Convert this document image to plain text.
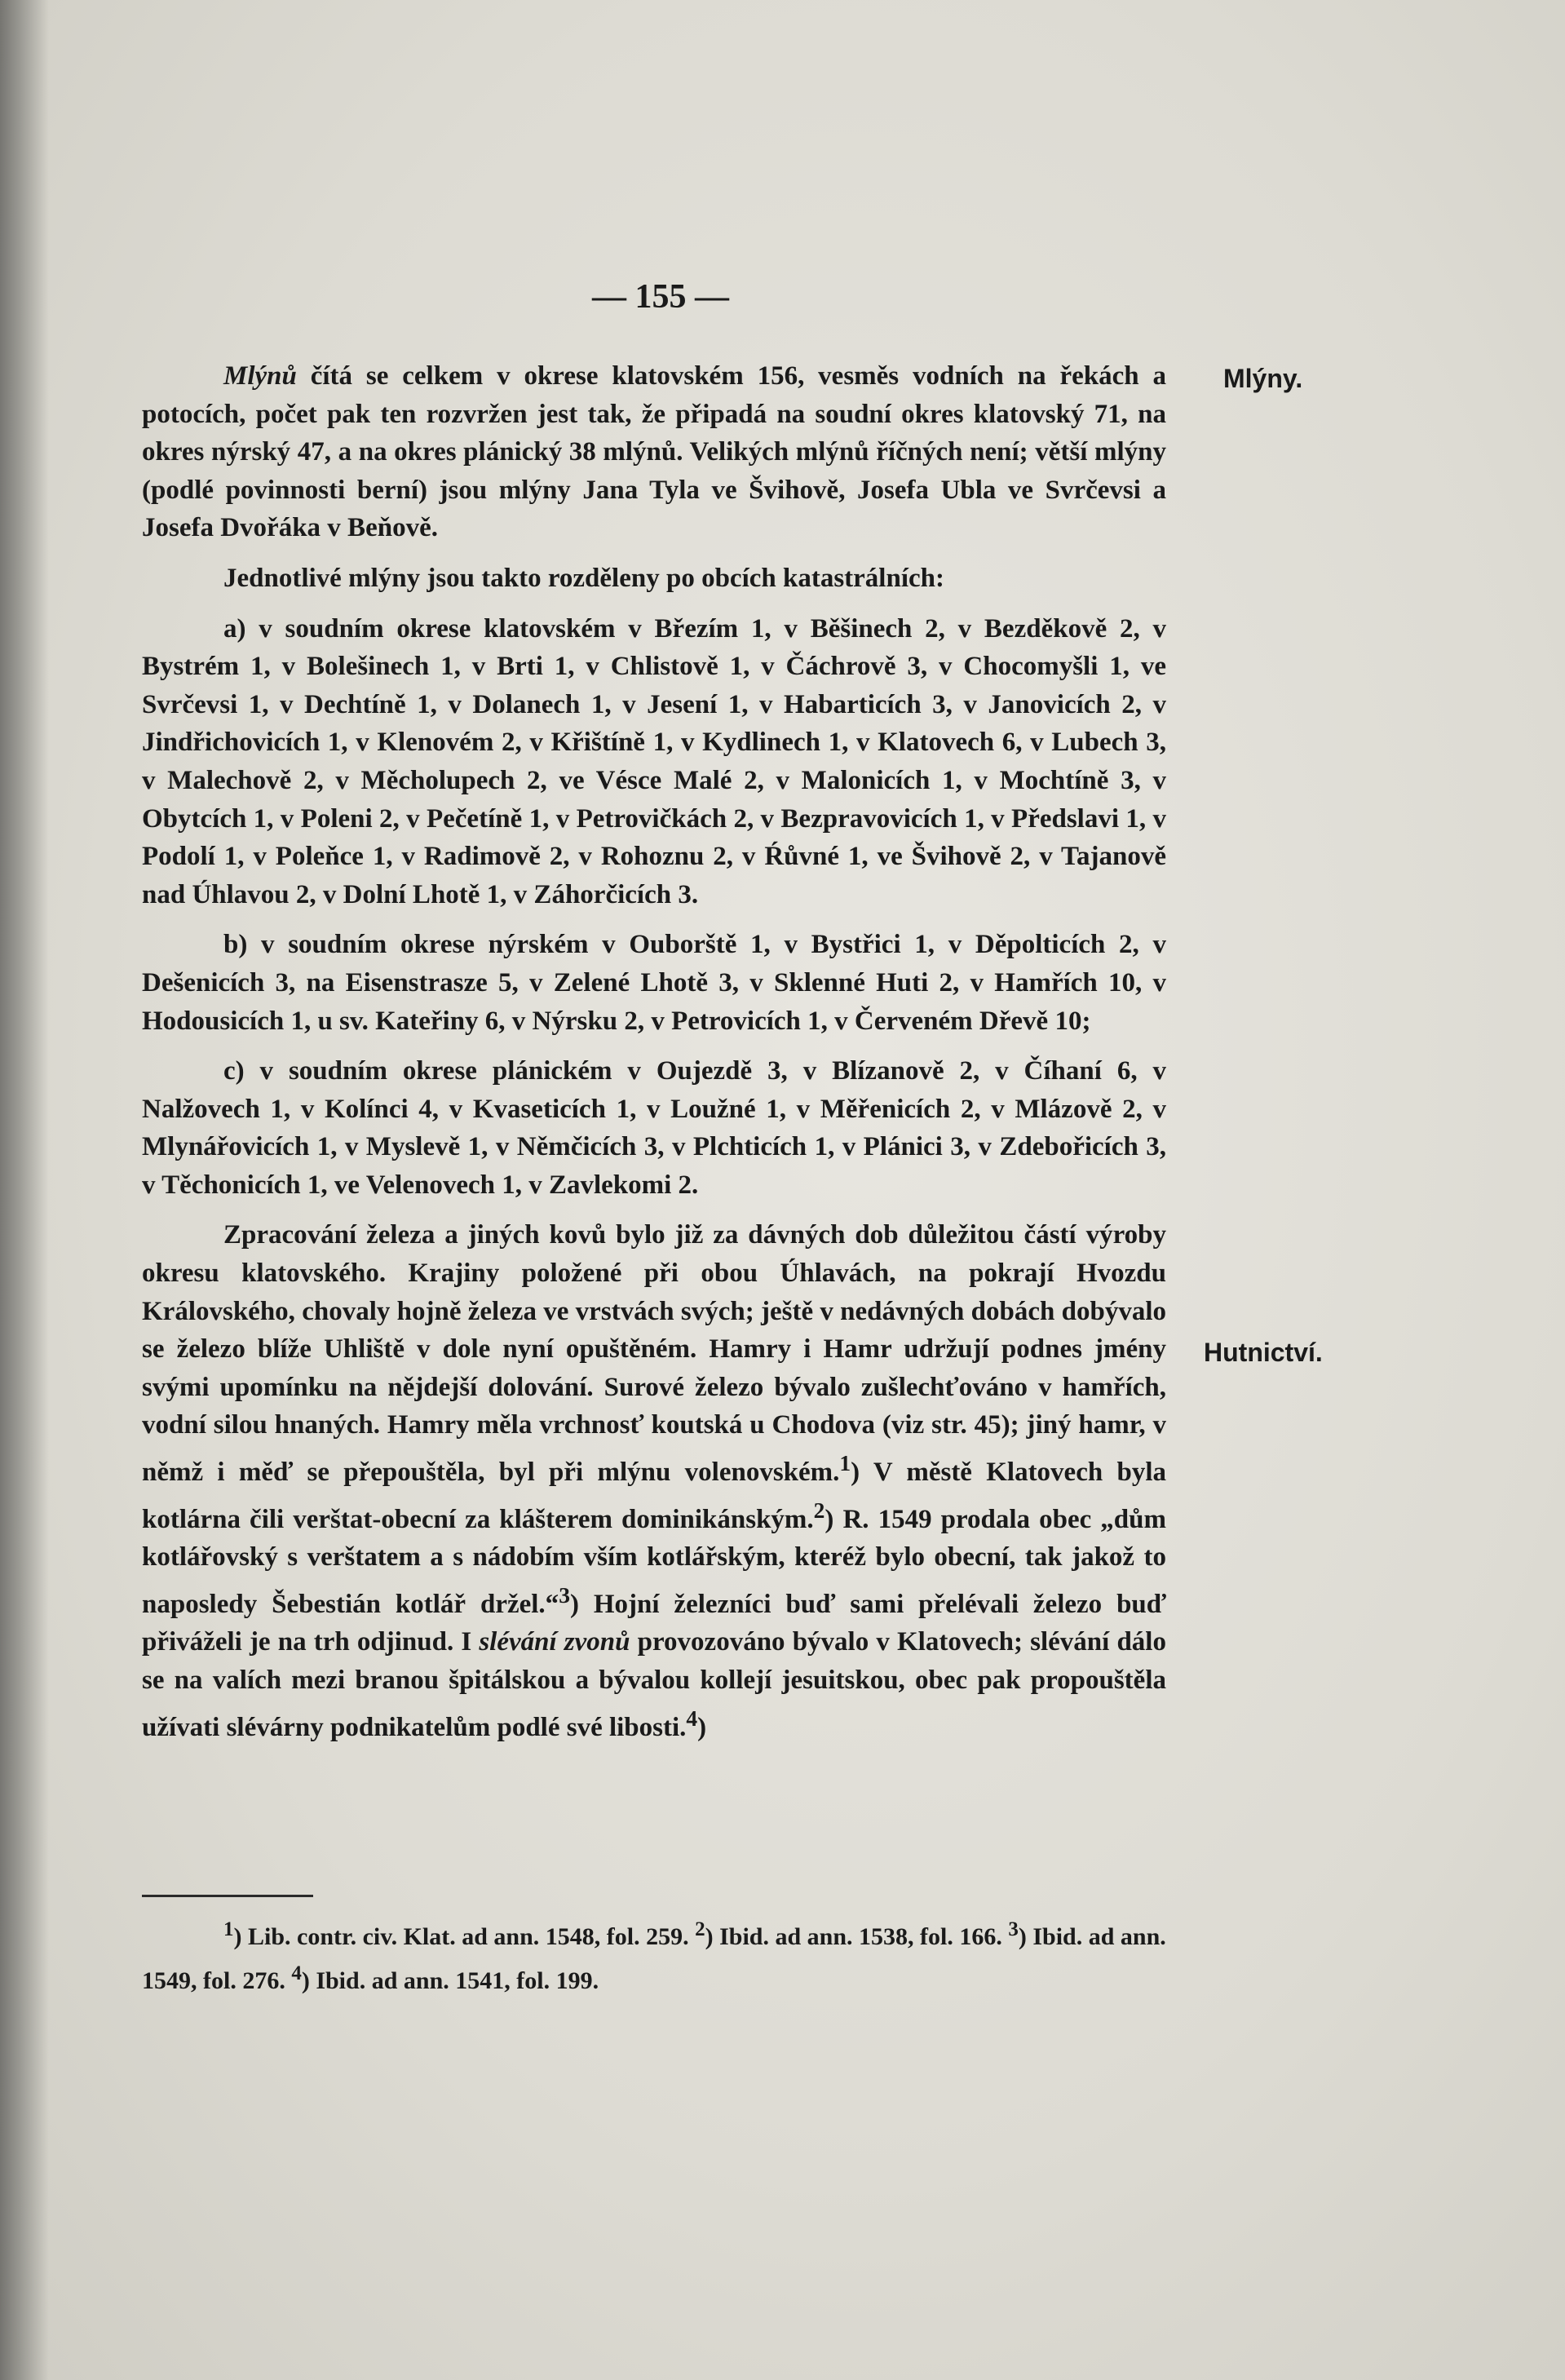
— 155 —
Mlýny.
Hutnictví.

Mlýnů čítá se celkem v okrese klatovském 156, vesměs vodních na řekách a potocích, počet pak ten rozvržen jest tak, že připadá na soudní okres klatovský 71, na okres nýrský 47, a na okres plánický 38 mlýnů. Velikých mlýnů říčných není; větší mlýny (podlé povinnosti berní) jsou mlýny Jana Tyla ve Švihově, Josefa Ubla ve Svrčevsi a Josefa Dvořáka v Beňově.

Jednotlivé mlýny jsou takto rozděleny po obcích katastrálních:

a) v soudním okrese klatovském v Březím 1, v Běšinech 2, v Bezděkově 2, v Bystrém 1, v Bolešinech 1, v Brti 1, v Chlistově 1, v Čáchrově 3, v Chocomyšli 1, ve Svrčevsi 1, v Dechtíně 1, v Dolanech 1, v Jesení 1, v Habarticích 3, v Janovicích 2, v Jindřichovicích 1, v Klenovém 2, v Křištíně 1, v Kydlinech 1, v Klatovech 6, v Lubech 3, v Malechově 2, v Měcholupech 2, ve Vésce Malé 2, v Malonicích 1, v Mochtíně 3, v Obytcích 1, v Poleni 2, v Pečetíně 1, v Petrovičkách 2, v Bezpravovicích 1, v Předslavi 1, v Podolí 1, v Poleňce 1, v Radimově 2, v Rohoznu 2, v Ŕůvné 1, ve Švihově 2, v Tajanově nad Úhlavou 2, v Dolní Lhotě 1, v Záhorčicích 3.

b) v soudním okrese nýrském v Ouborště 1, v Bystřici 1, v Děpolticích 2, v Dešenicích 3, na Eisenstrasze 5, v Zelené Lhotě 3, v Sklenné Huti 2, v Hamřích 10, v Hodousicích 1, u sv. Kateřiny 6, v Nýrsku 2, v Petrovicích 1, v Červeném Dřevě 10;

c) v soudním okrese plánickém v Oujezdě 3, v Blízanově 2, v Číhaní 6, v Nalžovech 1, v Kolínci 4, v Kvaseticích 1, v Loužné 1, v Měřenicích 2, v Mlázově 2, v Mlynářovicích 1, v Myslevě 1, v Němčicích 3, v Plchticích 1, v Plánici 3, v Zdebořicích 3, v Těchonicích 1, ve Velenovech 1, v Zavlekomi 2.

Zpracování železa a jiných kovů bylo již za dávných dob důležitou částí výroby okresu klatovského. Krajiny položené při obou Úhlavách, na pokrají Hvozdu Královského, chovaly hojně železa ve vrstvách svých; ještě v nedávných dobách dobývalo se železo blíže Uhliště v dole nyní opuštěném. Hamry i Hamr udržují podnes jmény svými upomínku na nějdejší dolování. Surové železo bývalo zušlechťováno v hamřích, vodní silou hnaných. Hamry měla vrchnosť koutská u Chodova (viz str. 45); jiný hamr, v němž i měď se přepouštěla, byl při mlýnu volenovském.$^1$) V městě Klatovech byla kotlárna čili verštat-obecní za klášterem dominikánským.$^2$) R. 1549 prodala obec „dům kotlářovský s verštatem a s nádobím vším kotlářským, kteréž bylo obecní, tak jakož to naposledy Šebestián kotlář držel.“$^3$) Hojní železníci buď sami přelévali železo buď přiváželi je na trh odjinud. I slévání zvonů provozováno bývalo v Klatovech; slévání dálo se na valích mezi branou špitálskou a bývalou kollejí jesuitskou, obec pak propouštěla užívati slévárny podnikatelům podlé své libosti.$^4$)

$^1$) Lib. contr. civ. Klat. ad ann. 1548, fol. 259. $^2$) Ibid. ad ann. 1538, fol. 166. $^3$) Ibid. ad ann. 1549, fol. 276. $^4$) Ibid. ad ann. 1541, fol. 199.
